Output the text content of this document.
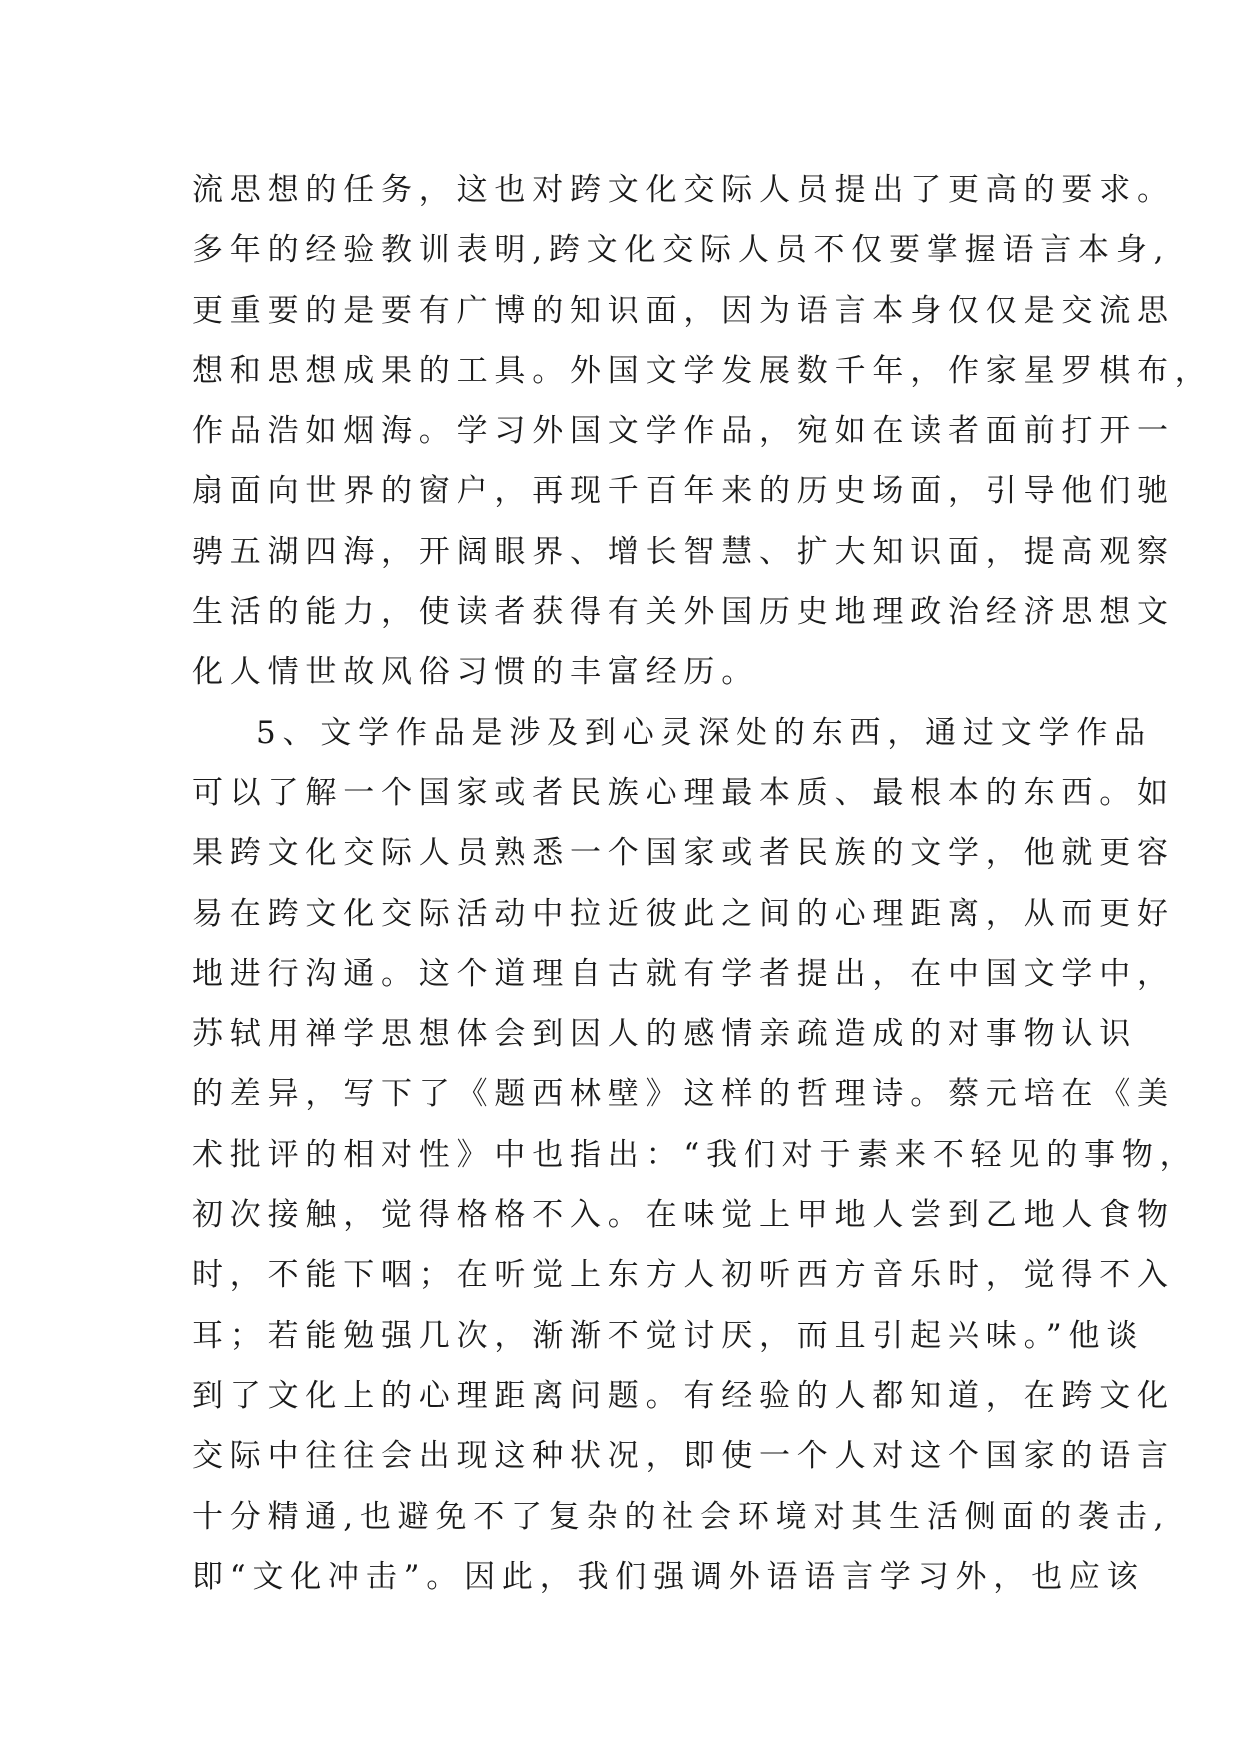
流思想的任务，这也对跨文化交际人员提出了更高的要求。
多年的经验教训表明,跨文化交际人员不仅要掌握语言本身,
更重要的是要有广博的知识面，因为语言本身仅仅是交流思
想和思想成果的工具。外国文学发展数千年，作家星罗棋布，
作品浩如烟海。学习外国文学作品，宛如在读者面前打开一
扇面向世界的窗户，再现千百年来的历史场面，引导他们驰
骋五湖四海，开阔眼界、增长智慧、扩大知识面，提高观察
生活的能力，使读者获得有关外国历史地理政治经济思想文
化人情世故风俗习惯的丰富经历。
5、文学作品是涉及到心灵深处的东西，通过文学作品
可以了解一个国家或者民族心理最本质、最根本的东西。如
果跨文化交际人员熟悉一个国家或者民族的文学，他就更容
易在跨文化交际活动中拉近彼此之间的心理距离，从而更好
地进行沟通。这个道理自古就有学者提出，在中国文学中，
苏轼用禅学思想体会到因人的感情亲疏造成的对事物认识
的差异，写下了《题西林壁》这样的哲理诗。蔡元培在《美
术批评的相对性》中也指出：“我们对于素来不轻见的事物，
初次接触，觉得格格不入。在味觉上甲地人尝到乙地人食物
时，不能下咽；在听觉上东方人初听西方音乐时，觉得不入
耳；若能勉强几次，渐渐不觉讨厌，而且引起兴味。”他谈
到了文化上的心理距离问题。有经验的人都知道，在跨文化
交际中往往会出现这种状况，即使一个人对这个国家的语言
十分精通,也避免不了复杂的社会环境对其生活侧面的袭击,
即“文化冲击”。因此，我们强调外语语言学习外，也应该
